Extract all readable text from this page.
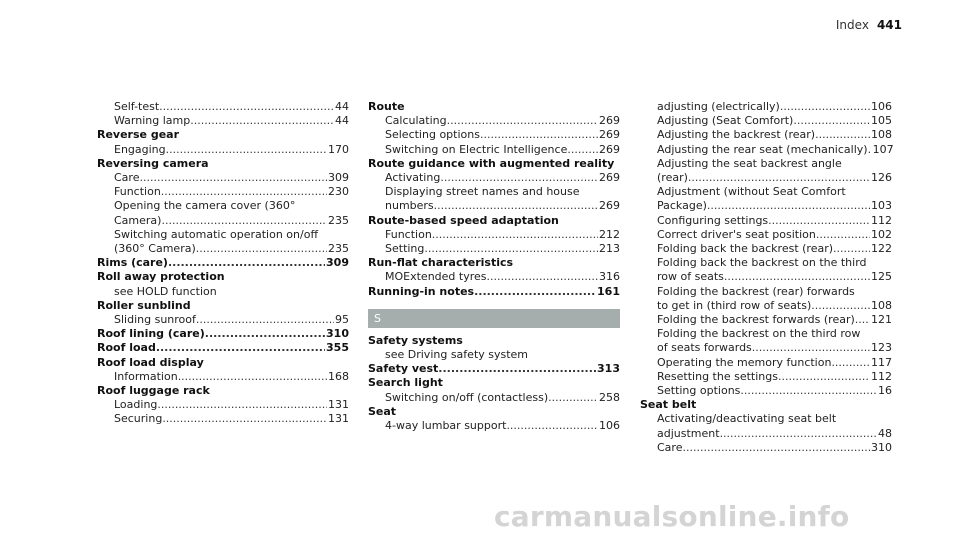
Index 441
Self-test .....	44
Warning lamp .....	44
Reverse gear
Engaging .....	170
Reversing camera
Care .....	309
Function .....	230
Opening the camera cover (360°
Camera) .....	235
Switching automatic operation on/off
(360° Camera) .....	235
Rims (care) .....	309
Roll away protection
see HOLD function
Roller sunblind
Sliding sunroof .....	95
Roof lining (care) .....	310
Roof load .....	355
Roof load display
Information .....	168
Roof luggage rack
Loading .....	131
Securing .....	131
Route
Calculating .....	269
Selecting options .....	269
Switching on Electric Intelligence .....	269
Route guidance with augmented reality
Activating .....	269
Displaying street names and house
numbers .....	269
Route-based speed adaptation
Function .....	212
Setting .....	213
Run-flat characteristics
MOExtended tyres .....	316
Running-in notes .....	161
S
Safety systems
see Driving safety system
Safety vest .....	313
Search light
Switching on/off (contactless) .....	258
Seat
4-way lumbar support .....	106
adjusting (electrically) .....	106
Adjusting (Seat Comfort) .....	105
Adjusting the backrest (rear) .....	108
Adjusting the rear seat (mechanically) ..... 107
Adjusting the seat backrest angle
(rear) .....	126
Adjustment (without Seat Comfort
Package) .....	103
Configuring settings .....	112
Correct driver's seat position .....	102
Folding back the backrest (rear) .....	122
Folding back the backrest on the third
row of seats .....	125
Folding the backrest (rear) forwards
to get in (third row of seats) .....	108
Folding the backrest forwards (rear) ..... 121
Folding the backrest on the third row
of seats forwards .....	123
Operating the memory function .....	117
Resetting the settings .....	112
Setting options .....	16
Seat belt
Activating/deactivating seat belt
adjustment .....	48
Care .....	310
carmanualsonline.info
